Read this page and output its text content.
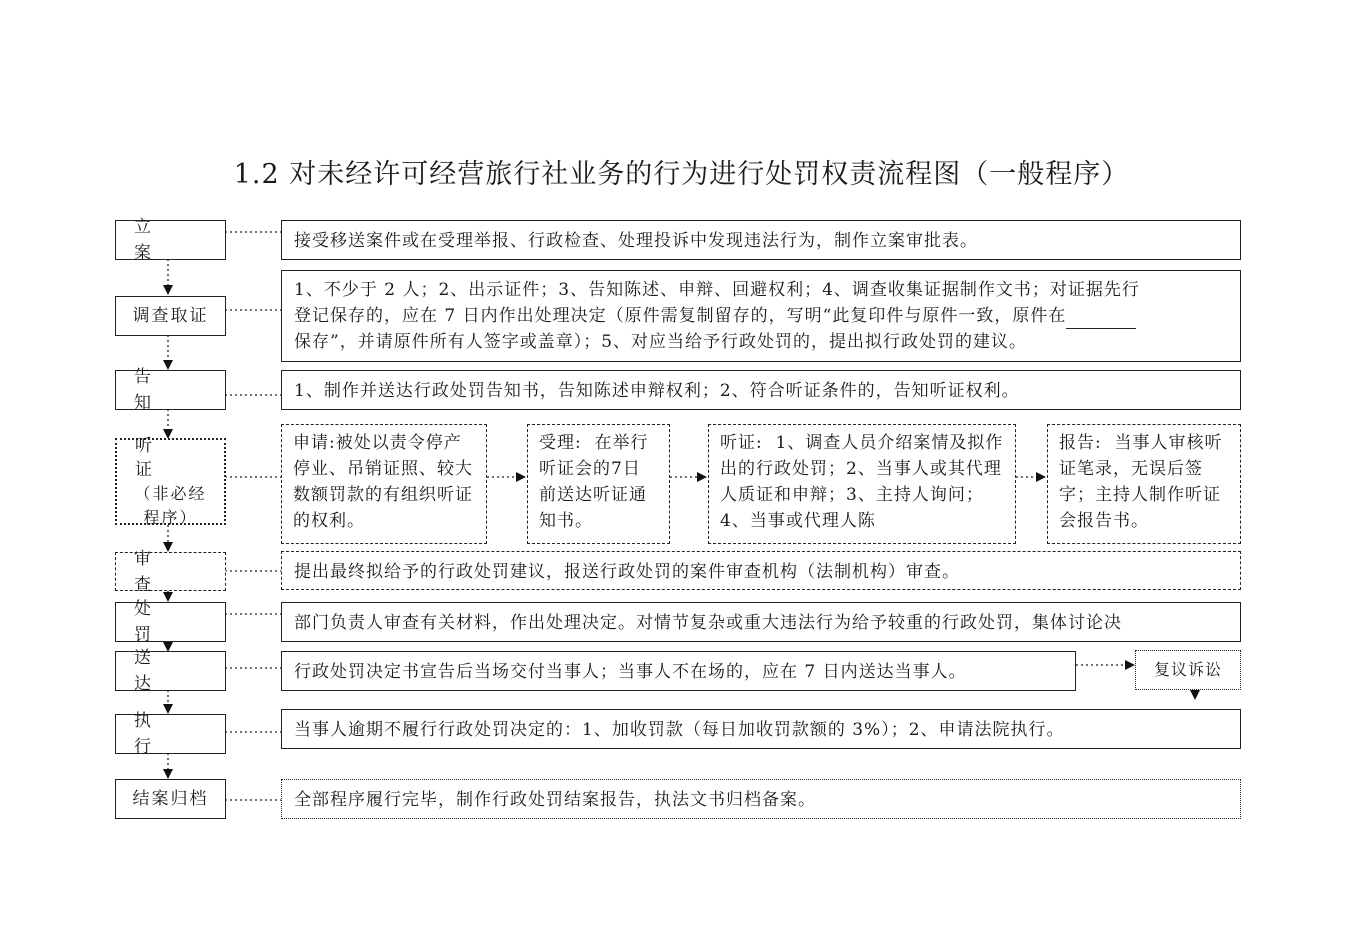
1.2 对未经许可经营旅行社业务的行为进行处罚权责流程图（一般程序）
立 案
接受移送案件或在受理举报、行政检查、处理投诉中发现违法行为，制作立案审批表。
调查取证
1、不少于 2 人；2、出示证件；3、告知陈述、申辩、回避权利；4、调查收集证据制作文书；对证据先行
登记保存的，应在 7 日内作出处理决定（原件需复制留存的，写明“此复印件与原件一致，原件在
保存”，并请原件所有人签字或盖章）；5、对应当给予行政处罚的，提出拟行政处罚的建议。
告 知
1、制作并送达行政处罚告知书，告知陈述申辩权利；2、符合听证条件的，告知听证权利。
听 证
（非必经
程序）
申请:被处以责令停产停业、吊销证照、较大数额罚款的有组织听证的权利。
受理:  在举行听证会的7日前送达听证通知书。
听证:  1、调查人员介绍案情及拟作出的行政处罚；2、当事人或其代理人质证和申辩；3、主持人询问；4、当事或代理人陈
报告:  当事人审核听证笔录，无误后签字；主持人制作听证会报告书。
审 查
提出最终拟给予的行政处罚建议，报送行政处罚的案件审查机构（法制机构）审查。
处 罚
部门负责人审查有关材料，作出处理决定。对情节复杂或重大违法行为给予较重的行政处罚，集体讨论决
送 达
行政处罚决定书宣告后当场交付当事人；当事人不在场的，应在 7 日内送达当事人。	复议诉讼
执 行
当事人逾期不履行行政处罚决定的：1、加收罚款（每日加收罚款额的 3%）；2、申请法院执行。
结案归档	全部程序履行完毕，制作行政处罚结案报告，执法文书归档备案。
